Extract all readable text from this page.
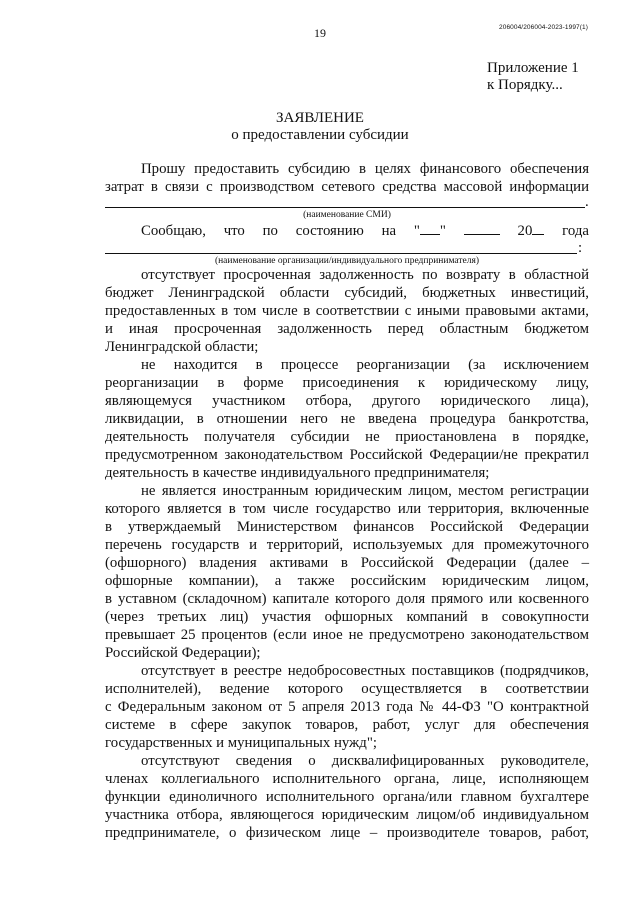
19	206004/206004-2023-1997(1)
Приложение 1
к Порядку...
ЗАЯВЛЕНИЕ
о предоставлении субсидии
Прошу предоставить субсидию в целях финансового обеспечения
затрат в связи с производством сетевого средства массовой информации
.
(наименование СМИ)
Сообщаю, что по состоянию на " "	20	года
:
(наименование организации/индивидуального предпринимателя)
отсутствует просроченная задолженность по возврату в областной
бюджет Ленинградской области субсидий, бюджетных инвестиций,
предоставленных в том числе в соответствии с иными правовыми актами,
и иная просроченная задолженность перед областным бюджетом
Ленинградской области;
не находится в процессе реорганизации (за исключением
реорганизации в форме присоединения к юридическому лицу,
являющемуся участником отбора, другого юридического лица),
ликвидации, в отношении него не введена процедура банкротства,
деятельность получателя субсидии не приостановлена в порядке,
предусмотренном законодательством Российской Федерации/не прекратил
деятельность в качестве индивидуального предпринимателя;
не является иностранным юридическим лицом, местом регистрации
которого является в том числе государство или территория, включенные
в утверждаемый Министерством финансов Российской Федерации
перечень государств и территорий, используемых для промежуточного
(офшорного) владения активами в Российской Федерации (далее –
офшорные компании), а также российским юридическим лицом,
в уставном (складочном) капитале которого доля прямого или косвенного
(через третьих лиц) участия офшорных компаний в совокупности
превышает 25 процентов (если иное не предусмотрено законодательством
Российской Федерации);
отсутствует в реестре недобросовестных поставщиков (подрядчиков,
исполнителей), ведение которого осуществляется в соответствии
с Федеральным законом от 5 апреля 2013 года № 44-ФЗ "О контрактной
системе в сфере закупок товаров, работ, услуг для обеспечения
государственных и муниципальных нужд";
отсутствуют сведения о дисквалифицированных руководителе,
членах коллегиального исполнительного органа, лице, исполняющем
функции единоличного исполнительного органа/или главном бухгалтере
участника отбора, являющегося юридическим лицом/об индивидуальном
предпринимателе, о физическом лице – производителе товаров, работ,
